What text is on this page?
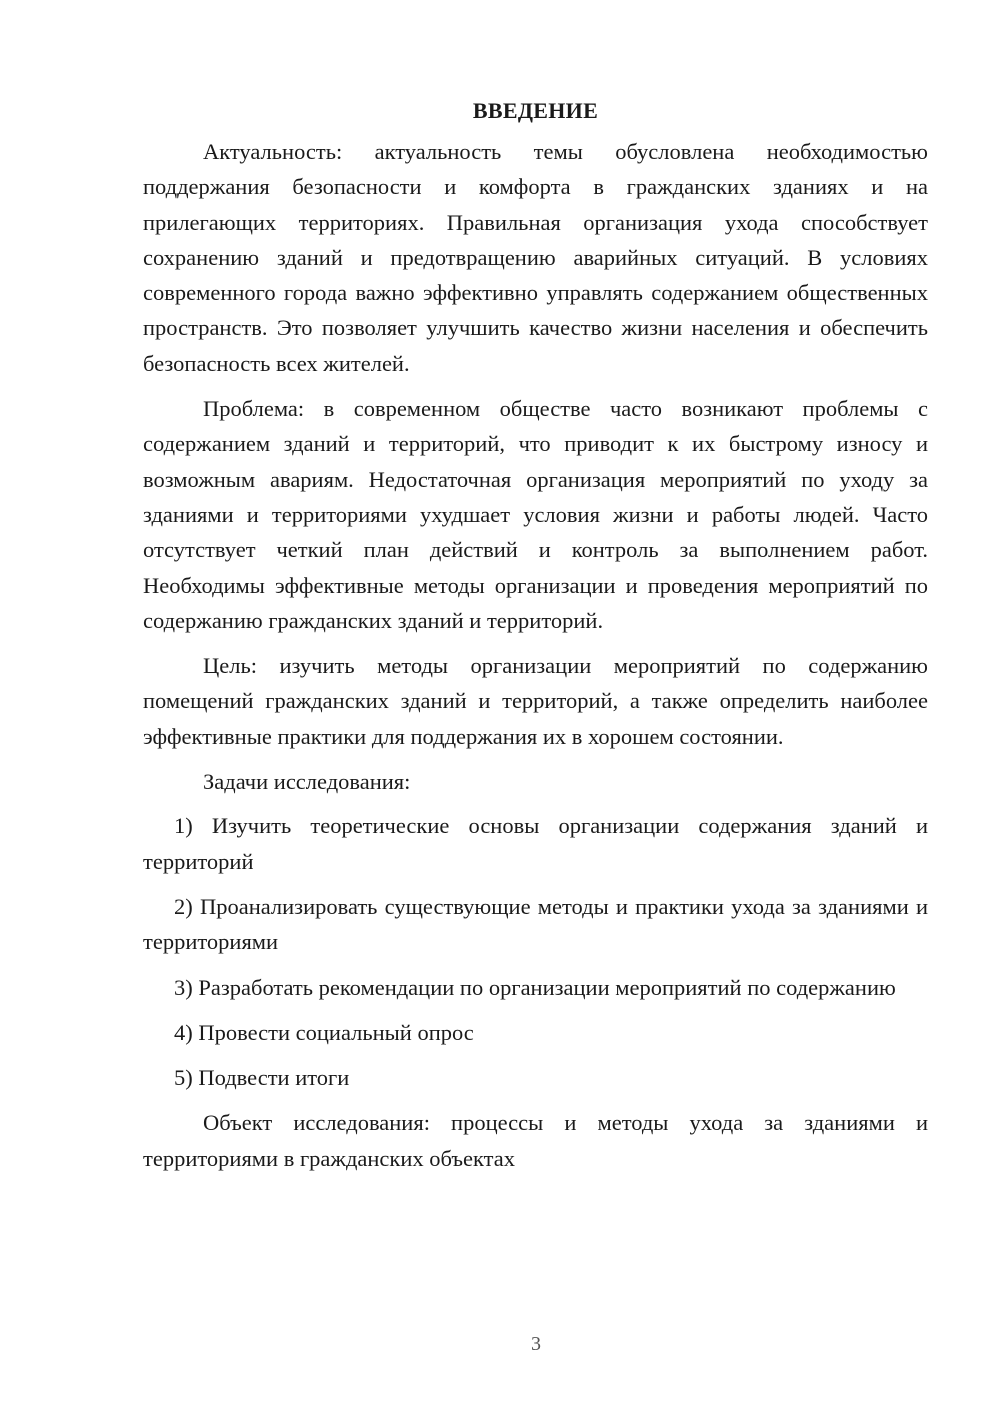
ВВЕДЕНИЕ

Актуальность: актуальность темы обусловлена необходимостью поддержания безопасности и комфорта в гражданских зданиях и на прилегающих территориях. Правильная организация ухода способствует сохранению зданий и предотвращению аварийных ситуаций. В условиях современного города важно эффективно управлять содержанием общественных пространств. Это позволяет улучшить качество жизни населения и обеспечить безопасность всех жителей.

Проблема: в современном обществе часто возникают проблемы с содержанием зданий и территорий, что приводит к их быстрому износу и возможным авариям. Недостаточная организация мероприятий по уходу за зданиями и территориями ухудшает условия жизни и работы людей. Часто отсутствует четкий план действий и контроль за выполнением работ. Необходимы эффективные методы организации и проведения мероприятий по содержанию гражданских зданий и территорий.

Цель: изучить методы организации мероприятий по содержанию помещений гражданских зданий и территорий, а также определить наиболее эффективные практики для поддержания их в хорошем состоянии.

Задачи исследования:

1) Изучить теоретические основы организации содержания зданий и территорий

2) Проанализировать существующие методы и практики ухода за зданиями и территориями

3) Разработать рекомендации по организации мероприятий по содержанию

4) Провести социальный опрос

5) Подвести итоги

Объект исследования: процессы и методы ухода за зданиями и территориями в гражданских объектах

3
